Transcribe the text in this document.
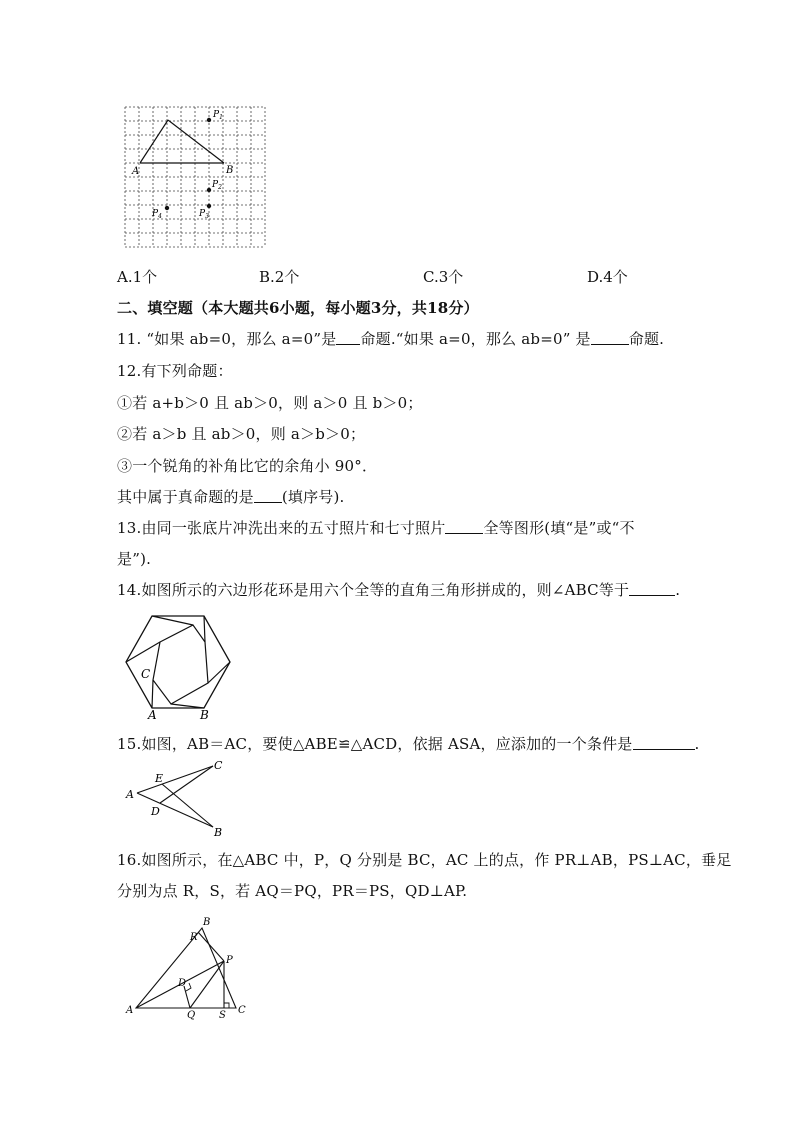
A	B
$P_1$
$P_2$
$P_3$
$P_4$
A.1个	B.2个	C.3个	D.4个
二、填空题（本大题共6小题，每小题3分，共18分）
11. “如果 ab=0，那么 a=0”是 命题.“如果 a=0，那么 ab=0” 是	命题.
12.有下列命题：
①若 a+b＞0 且 ab＞0，则 a＞0 且 b＞0；
②若 a＞b 且 ab＞0，则 a＞b＞0；
③一个锐角的补角比它的余角小 90°．
其中属于真命题的是 (填序号).
13.由同一张底片冲洗出来的五寸照片和七寸照片	全等图形(填“是”或“不
是”).
14.如图所示的六边形花环是用六个全等的直角三角形拼成的，则∠ABC等于	.
C
A	B
15.如图，AB＝AC，要使△ABE≌△ACD，依据 ASA，应添加的一个条件是	.
A
E
D
C
B
16.如图所示，在△ABC 中，P，Q 分别是 BC，AC 上的点，作 PR⊥AB，PS⊥AC，垂足
分别为点 R，S，若 AQ＝PQ，PR＝PS，QD⊥AP.
B
R
P
D
A	Q S C
